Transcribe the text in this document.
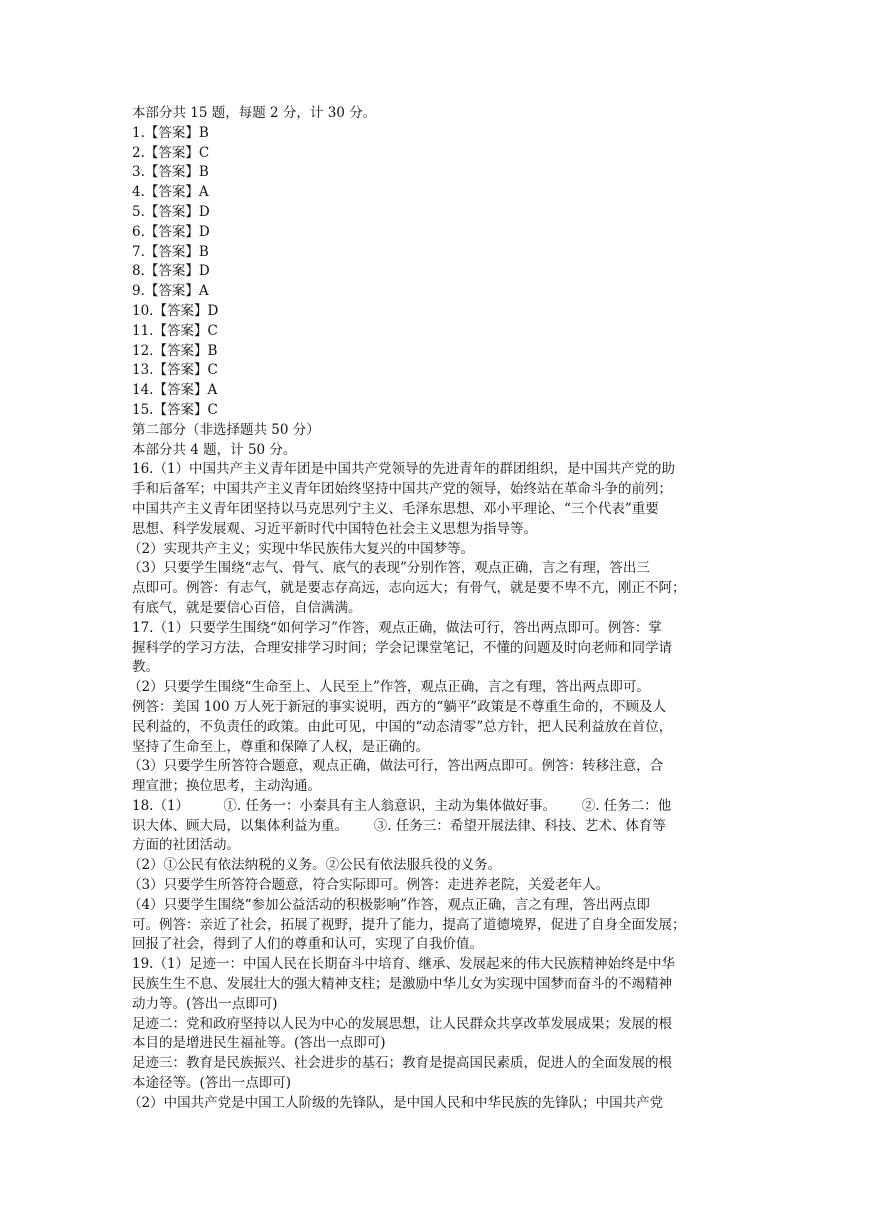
本部分共 15 题，每题 2 分，计 30 分。

1.【答案】B

2.【答案】C

3.【答案】B

4.【答案】A

5.【答案】D

6.【答案】D

7.【答案】B

8.【答案】D

9.【答案】A

10.【答案】D

11.【答案】C

12.【答案】B

13.【答案】C

14.【答案】A

15.【答案】C

第二部分（非选择题共 50 分）

本部分共 4 题，计 50 分。

16.（1）中国共产主义青年团是中国共产党领导的先进青年的群团组织，是中国共产党的助

手和后备军；中国共产主义青年团始终坚持中国共产党的领导，始终站在革命斗争的前列；

中国共产主义青年团坚持以马克思列宁主义、毛泽东思想、邓小平理论、“三个代表”重要

思想、科学发展观、习近平新时代中国特色社会主义思想为指导等。

（2）实现共产主义；实现中华民族伟大复兴的中国梦等。

（3）只要学生围绕“志气、骨气、底气的表现”分别作答，观点正确，言之有理，答出三

点即可。例答：有志气，就是要志存高远，志向远大；有骨气，就是要不卑不亢，刚正不阿；

有底气，就是要信心百倍，自信满满。

17.（1）只要学生围绕“如何学习”作答，观点正确，做法可行，答出两点即可。例答：掌

握科学的学习方法，合理安排学习时间；学会记课堂笔记，不懂的问题及时向老师和同学请

教。

（2）只要学生围绕“生命至上、人民至上”作答，观点正确，言之有理，答出两点即可。

例答：美国 100 万人死于新冠的事实说明，西方的“躺平”政策是不尊重生命的，不顾及人

民利益的，不负责任的政策。由此可见，中国的“动态清零”总方针，把人民利益放在首位，

坚持了生命至上，尊重和保障了人权，是正确的。

（3）只要学生所答符合题意，观点正确，做法可行，答出两点即可。例答：转移注意，合

理宣泄；换位思考，主动沟通。

18.（1）        ①. 任务一：小秦具有主人翁意识，主动为集体做好事。      ②. 任务二：他

识大体、顾大局，以集体利益为重。      ③. 任务三：希望开展法律、科技、艺术、体育等

方面的社团活动。

（2）①公民有依法纳税的义务。②公民有依法服兵役的义务。

（3）只要学生所答符合题意，符合实际即可。例答：走进养老院，关爱老年人。

（4）只要学生围绕“参加公益活动的积极影响”作答，观点正确，言之有理，答出两点即

可。例答：亲近了社会，拓展了视野，提升了能力，提高了道德境界，促进了自身全面发展；

回报了社会，得到了人们的尊重和认可，实现了自我价值。

19.（1）足迹一：中国人民在长期奋斗中培育、继承、发展起来的伟大民族精神始终是中华

民族生生不息、发展壮大的强大精神支柱；是激励中华儿女为实现中国梦而奋斗的不竭精神

动力等。(答出一点即可)

足迹二：党和政府坚持以人民为中心的发展思想，让人民群众共享改革发展成果；发展的根

本目的是增进民生福祉等。(答出一点即可)

足迹三：教育是民族振兴、社会进步的基石；教育是提高国民素质，促进人的全面发展的根

本途径等。(答出一点即可)

（2）中国共产党是中国工人阶级的先锋队，是中国人民和中华民族的先锋队；中国共产党
